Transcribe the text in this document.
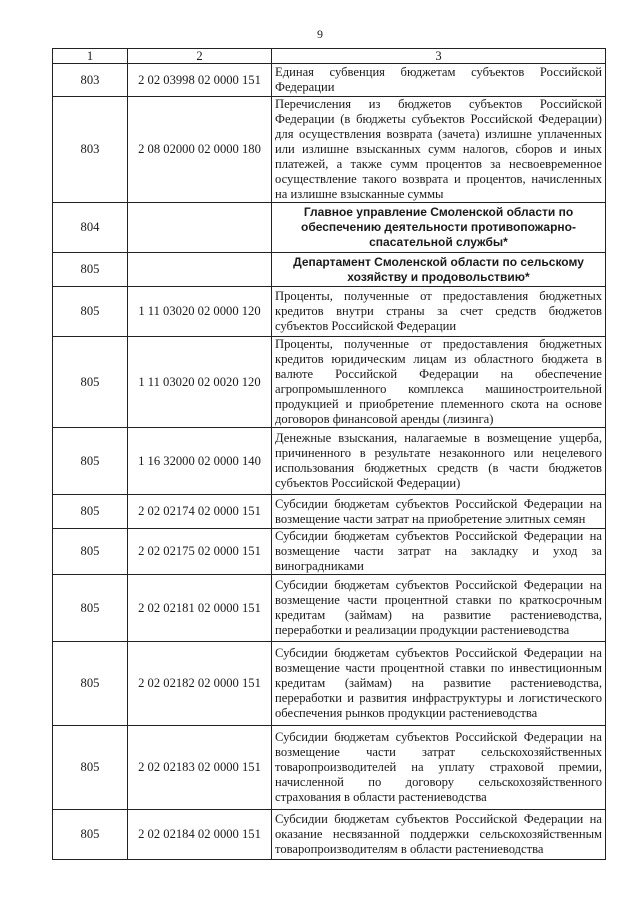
9
1	2	3
803	2 02 03998 02 0000 151	Единая субвенция бюджетам субъектов Российской Федерации
803	2 08 02000 02 0000 180	Перечисления из бюджетов субъектов Российской Федерации (в бюджеты субъектов Российской Федерации) для осуществления возврата (зачета) излишне уплаченных или излишне взысканных сумм налогов, сборов и иных платежей, а также сумм процентов за несвоевременное осуществление такого возврата и процентов, начисленных на излишне взысканные суммы
804		Главное управление Смоленской области по обеспечению деятельности противопожарно-спасательной службы*
805		Департамент Смоленской области по сельскому хозяйству и продовольствию*
805	1 11 03020 02 0000 120	Проценты, полученные от предоставления бюджетных кредитов внутри страны за счет средств бюджетов субъектов Российской Федерации
805	1 11 03020 02 0020 120	Проценты, полученные от предоставления бюджетных кредитов юридическим лицам из областного бюджета в валюте Российской Федерации на обеспечение агропромышленного комплекса машиностроительной продукцией и приобретение племенного скота на основе договоров финансовой аренды (лизинга)
805	1 16 32000 02 0000 140	Денежные взыскания, налагаемые в возмещение ущерба, причиненного в результате незаконного или нецелевого использования бюджетных средств (в части бюджетов субъектов Российской Федерации)
805	2 02 02174 02 0000 151	Субсидии бюджетам субъектов Российской Федерации на возмещение части затрат на приобретение элитных семян
805	2 02 02175 02 0000 151	Субсидии бюджетам субъектов Российской Федерации на возмещение части затрат на закладку и уход за виноградниками
805	2 02 02181 02 0000 151	Субсидии бюджетам субъектов Российской Федерации на возмещение части процентной ставки по краткосрочным кредитам (займам) на развитие растениеводства, переработки и реализации продукции растениеводства
805	2 02 02182 02 0000 151	Субсидии бюджетам субъектов Российской Федерации на возмещение части процентной ставки по инвестиционным кредитам (займам) на развитие растениеводства, переработки и развития инфраструктуры и логистического обеспечения рынков продукции растениеводства
805	2 02 02183 02 0000 151	Субсидии бюджетам субъектов Российской Федерации на возмещение части затрат сельскохозяйственных товаропроизводителей на уплату страховой премии, начисленной по договору сельскохозяйственного страхования в области растениеводства
805	2 02 02184 02 0000 151	Субсидии бюджетам субъектов Российской Федерации на оказание несвязанной поддержки сельскохозяйственным товаропроизводителям в области растениеводства
